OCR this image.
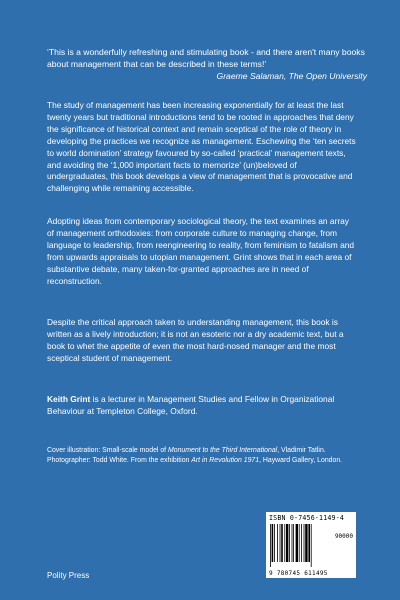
‘This is a wonderfully refreshing and stimulating book - and there aren't many books about management that can be described in these terms!’

Graeme Salaman, The Open University

The study of management has been increasing exponentially for at least the last twenty years but traditional introductions tend to be rooted in approaches that deny the significance of historical context and remain sceptical of the role of theory in developing the practices we recognize as management. Eschewing the ‘ten secrets to world domination’ strategy favoured by so-called ‘practical’ management texts, and avoiding the ‘1,000 important facts to memorize’ (un)beloved of undergraduates, this book develops a view of management that is provocative and challenging while remaining accessible.

Adopting ideas from contemporary sociological theory, the text examines an array of management orthodoxies: from corporate culture to managing change, from language to leadership, from reengineering to reality, from feminism to fatalism and from upwards appraisals to utopian management. Grint shows that in each area of substantive debate, many taken-for-granted approaches are in need of reconstruction.

Despite the critical approach taken to understanding management, this book is written as a lively introduction; it is not an esoteric nor a dry academic text, but a book to whet the appetite of even the most hard-nosed manager and the most sceptical student of management.

Keith Grint is a lecturer in Management Studies and Fellow in Organizational Behaviour at Templeton College, Oxford.

Cover illustration: Small-scale model of Monument to the Third International, Vladimir Tatlin. Photographer: Todd White. From the exhibition Art in Revolution 1971, Hayward Gallery, London.

Polity Press
ISBN 0-7456-1149-4
90000
9 780745 611495
